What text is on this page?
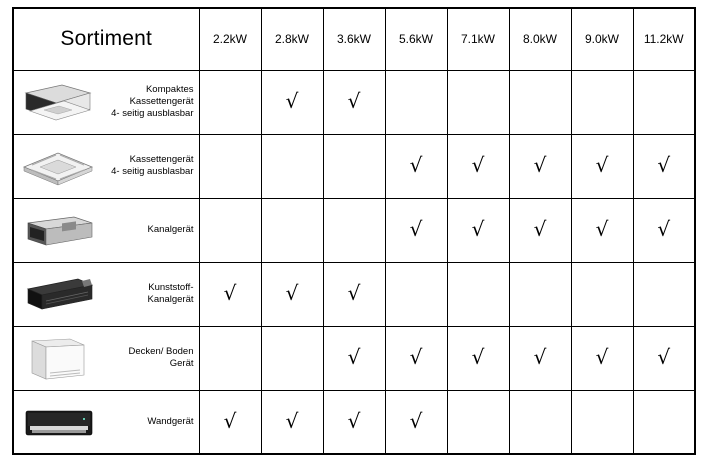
Sortiment	2.2kW	2.8kW	3.6kW	5.6kW	7.1kW	8.0kW	9.0kW	11.2kW

Kompaktes
Kassettengerät
4- seitig ausblasbar		√	√					

Kassettengerät
4- seitig ausblasbar				√	√	√	√	√

Kanalgerät				√	√	√	√	√

Kunststoff-
Kanalgerät	√	√	√					

Decken/ Boden
Gerät			√	√	√	√	√	√

Wandgerät	√	√	√	√				
